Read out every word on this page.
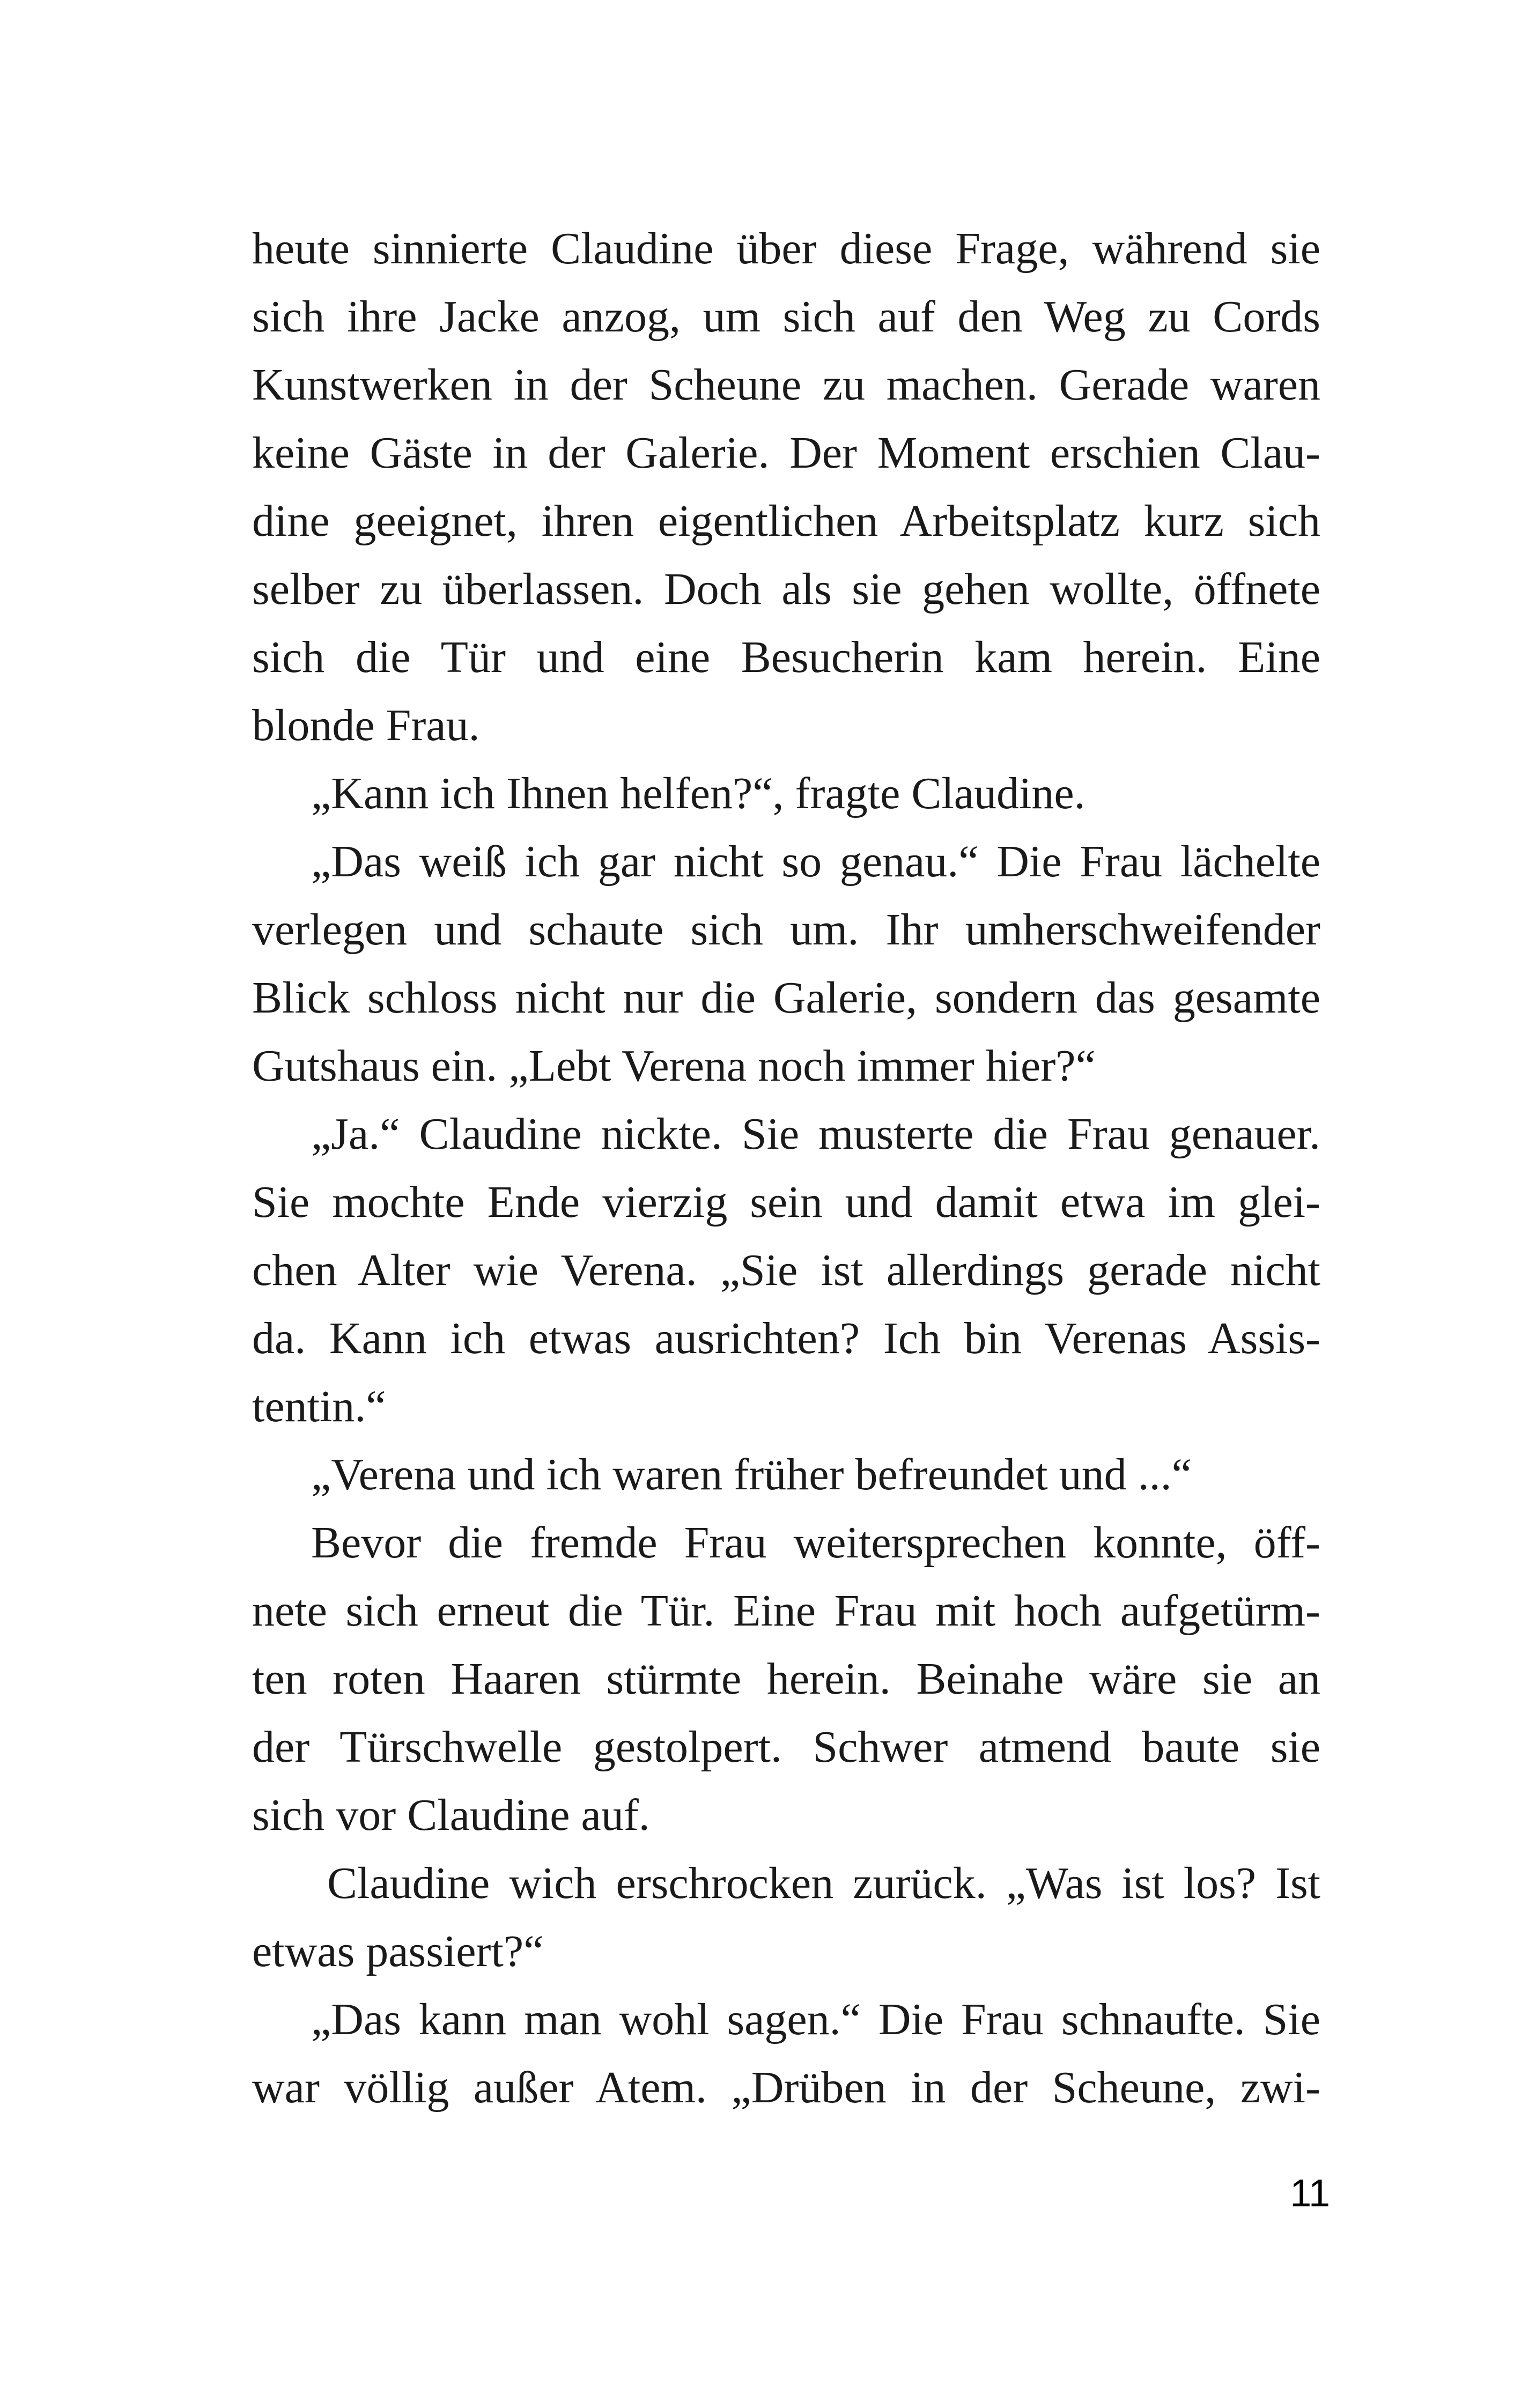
heute sinnierte Claudine über diese Frage, während sie
sich ihre Jacke anzog, um sich auf den Weg zu Cords
Kunstwerken in der Scheune zu machen. Gerade waren
keine Gäste in der Galerie. Der Moment erschien Clau-
dine geeignet, ihren eigentlichen Arbeitsplatz kurz sich
selber zu überlassen. Doch als sie gehen wollte, öffnete
sich die Tür und eine Besucherin kam herein. Eine
blonde Frau.
„Kann ich Ihnen helfen?“, fragte Claudine.
„Das weiß ich gar nicht so genau.“ Die Frau lächelte
verlegen und schaute sich um. Ihr umherschweifender
Blick schloss nicht nur die Galerie, sondern das gesamte
Gutshaus ein. „Lebt Verena noch immer hier?“
„Ja.“ Claudine nickte. Sie musterte die Frau genauer.
Sie mochte Ende vierzig sein und damit etwa im glei-
chen Alter wie Verena. „Sie ist allerdings gerade nicht
da. Kann ich etwas ausrichten? Ich bin Verenas Assis-
tentin.“
„Verena und ich waren früher befreundet und ...“
Bevor die fremde Frau weitersprechen konnte, öff-
nete sich erneut die Tür. Eine Frau mit hoch aufgetürm-
ten roten Haaren stürmte herein. Beinahe wäre sie an
der Türschwelle gestolpert. Schwer atmend baute sie
sich vor Claudine auf.
Claudine wich erschrocken zurück. „Was ist los? Ist
etwas passiert?“
„Das kann man wohl sagen.“ Die Frau schnaufte. Sie
war völlig außer Atem. „Drüben in der Scheune, zwi-
11
